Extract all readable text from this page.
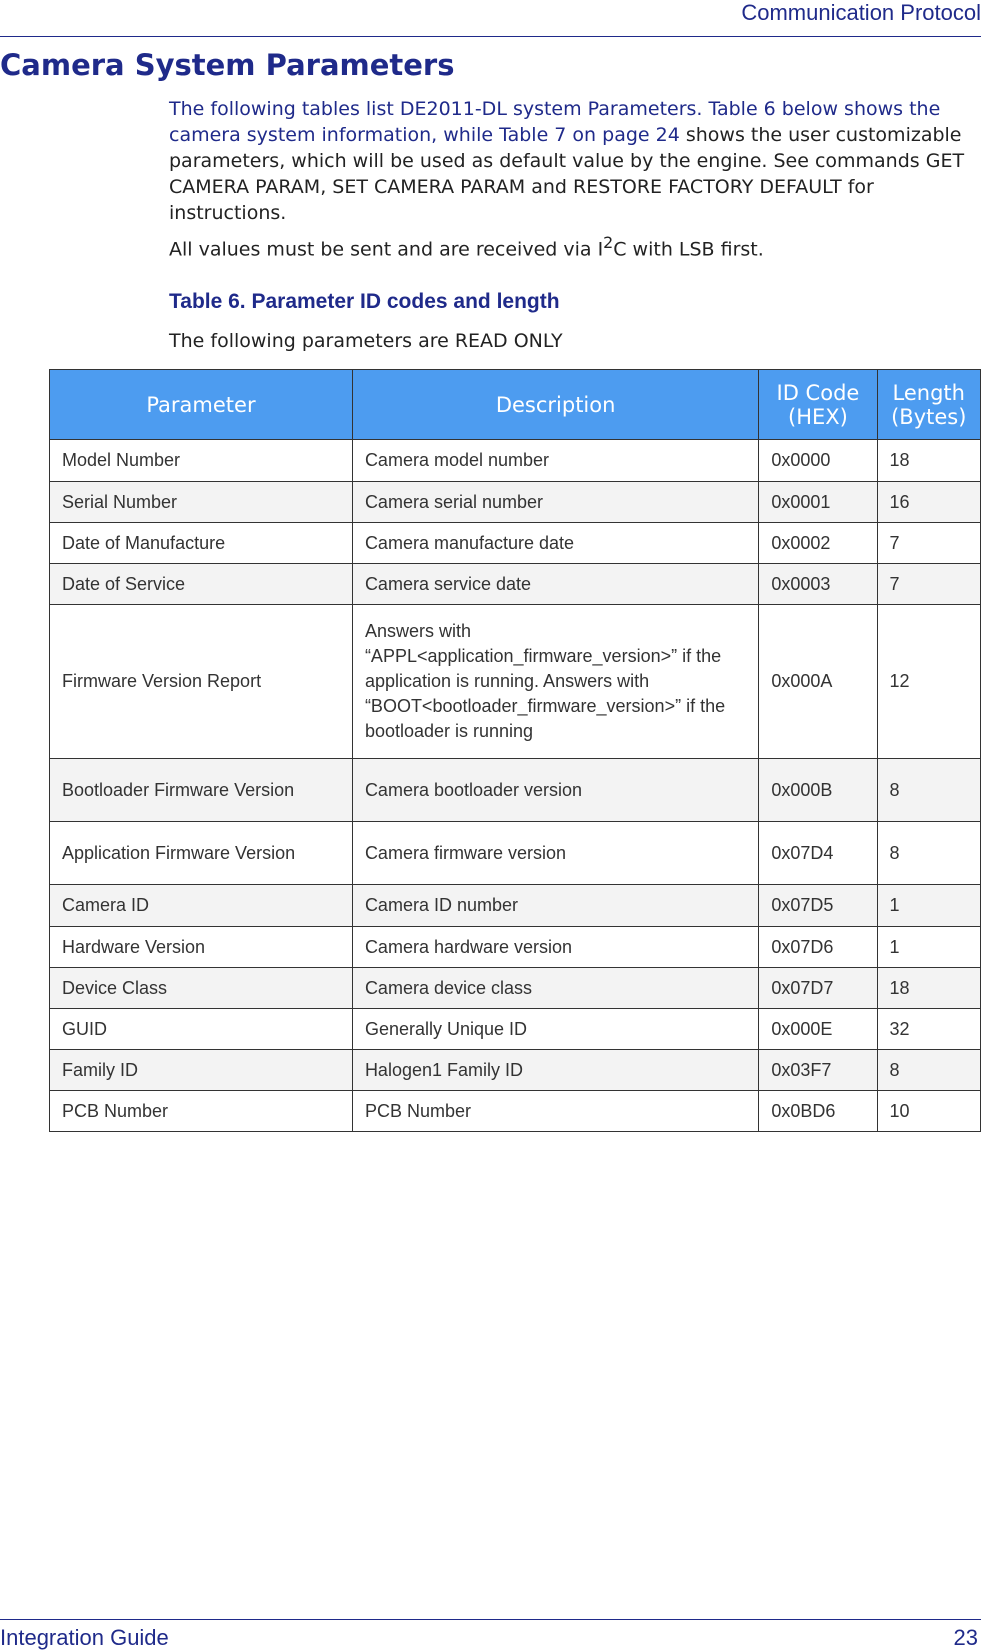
Communication Protocol
Camera System Parameters

The following tables list DE2011-DL system Parameters. Table 6 below shows the camera system information, while Table 7 on page 24 shows the user customizable parameters, which will be used as default value by the engine. See commands GET CAMERA PARAM, SET CAMERA PARAM and RESTORE FACTORY DEFAULT for instructions.

All values must be sent and are received via $I^2C$ with LSB first.

Table 6. Parameter ID codes and length
The following parameters are READ ONLY
Parameter	Description	ID Code (HEX)	Length (Bytes)
Model Number	Camera model number	0x0000	18
Serial Number	Camera serial number	0x0001	16
Date of Manufacture	Camera manufacture date	0x0002	7
Date of Service	Camera service date	0x0003	7
Firmware Version Report	Answers with “APPL<application_firmware_version>” if the application is running. Answers with “BOOT<bootloader_firmware_version>” if the bootloader is running	0x000A	12
Bootloader Firmware Version	Camera bootloader version	0x000B	8
Application Firmware Version	Camera firmware version	0x07D4	8
Camera ID	Camera ID number	0x07D5	1
Hardware Version	Camera hardware version	0x07D6	1
Device Class	Camera device class	0x07D7	18
GUID	Generally Unique ID	0x000E	32
Family ID	Halogen1 Family ID	0x03F7	8
PCB Number	PCB Number	0x0BD6	10
Integration Guide	23
